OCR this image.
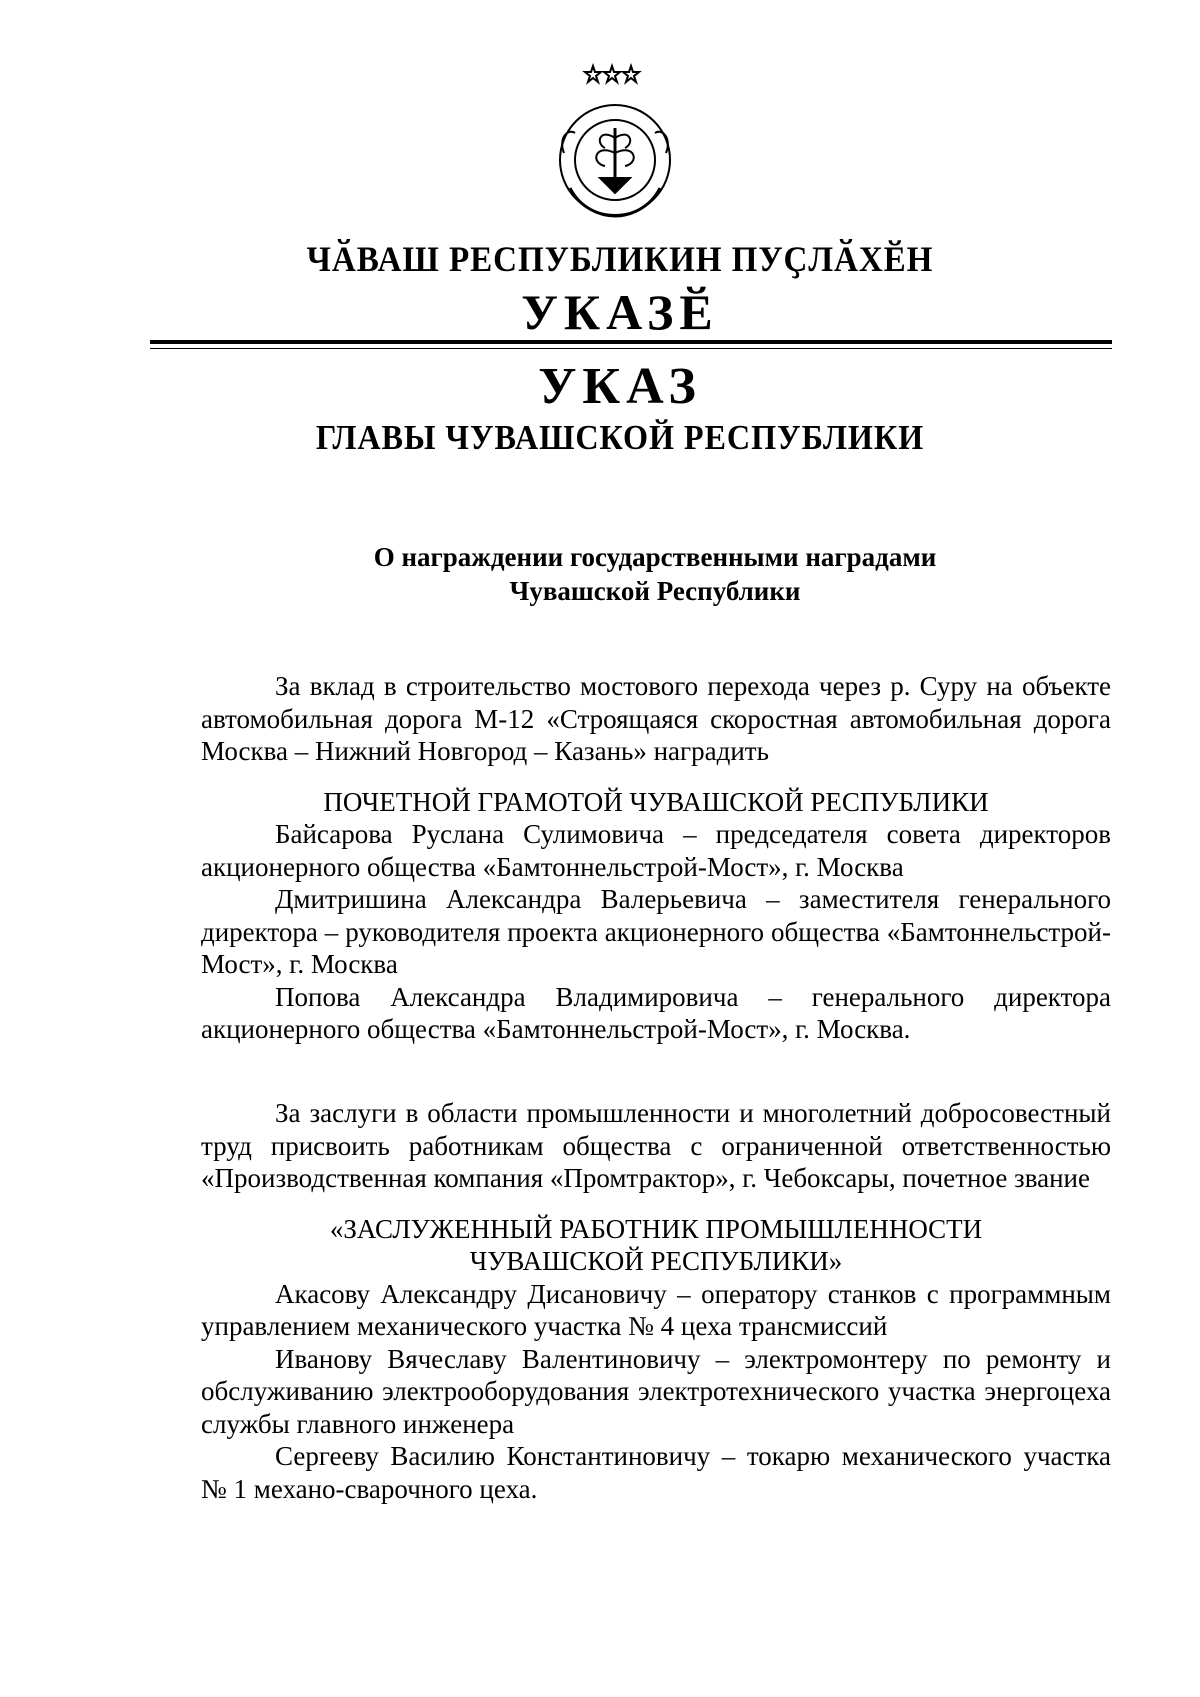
ЧӐВАШ РЕСПУБЛИКИН ПУҪЛӐХӖН
УКАЗӖ
УКАЗ
ГЛАВЫ ЧУВАШСКОЙ РЕСПУБЛИКИ
О награждении государственными наградами
Чувашской Республики

За вклад в строительство мостового перехода через р. Суру на объекте автомобильная дорога М-12 «Строящаяся скоростная автомобильная дорога Москва – Нижний Новгород – Казань» наградить

ПОЧЕТНОЙ ГРАМОТОЙ ЧУВАШСКОЙ РЕСПУБЛИКИ

Байсарова Руслана Сулимовича – председателя совета директоров акционерного общества «Бамтоннельстрой-Мост», г. Москва

Дмитришина Александра Валерьевича – заместителя генерального директора – руководителя проекта акционерного общества «Бамтоннельстрой-Мост», г. Москва

Попова Александра Владимировича – генерального директора акционерного общества «Бамтоннельстрой-Мост», г. Москва.

За заслуги в области промышленности и многолетний добросовестный труд присвоить работникам общества с ограниченной ответственностью «Производственная компания «Промтрактор», г. Чебоксары, почетное звание

«ЗАСЛУЖЕННЫЙ РАБОТНИК ПРОМЫШЛЕННОСТИ

ЧУВАШСКОЙ РЕСПУБЛИКИ»

Акасову Александру Дисановичу – оператору станков с программным управлением механического участка № 4 цеха трансмиссий

Иванову Вячеславу Валентиновичу – электромонтеру по ремонту и обслуживанию электрооборудования электротехнического участка энергоцеха службы главного инженера

Сергееву Василию Константиновичу – токарю механического участка № 1 механо-сварочного цеха.
